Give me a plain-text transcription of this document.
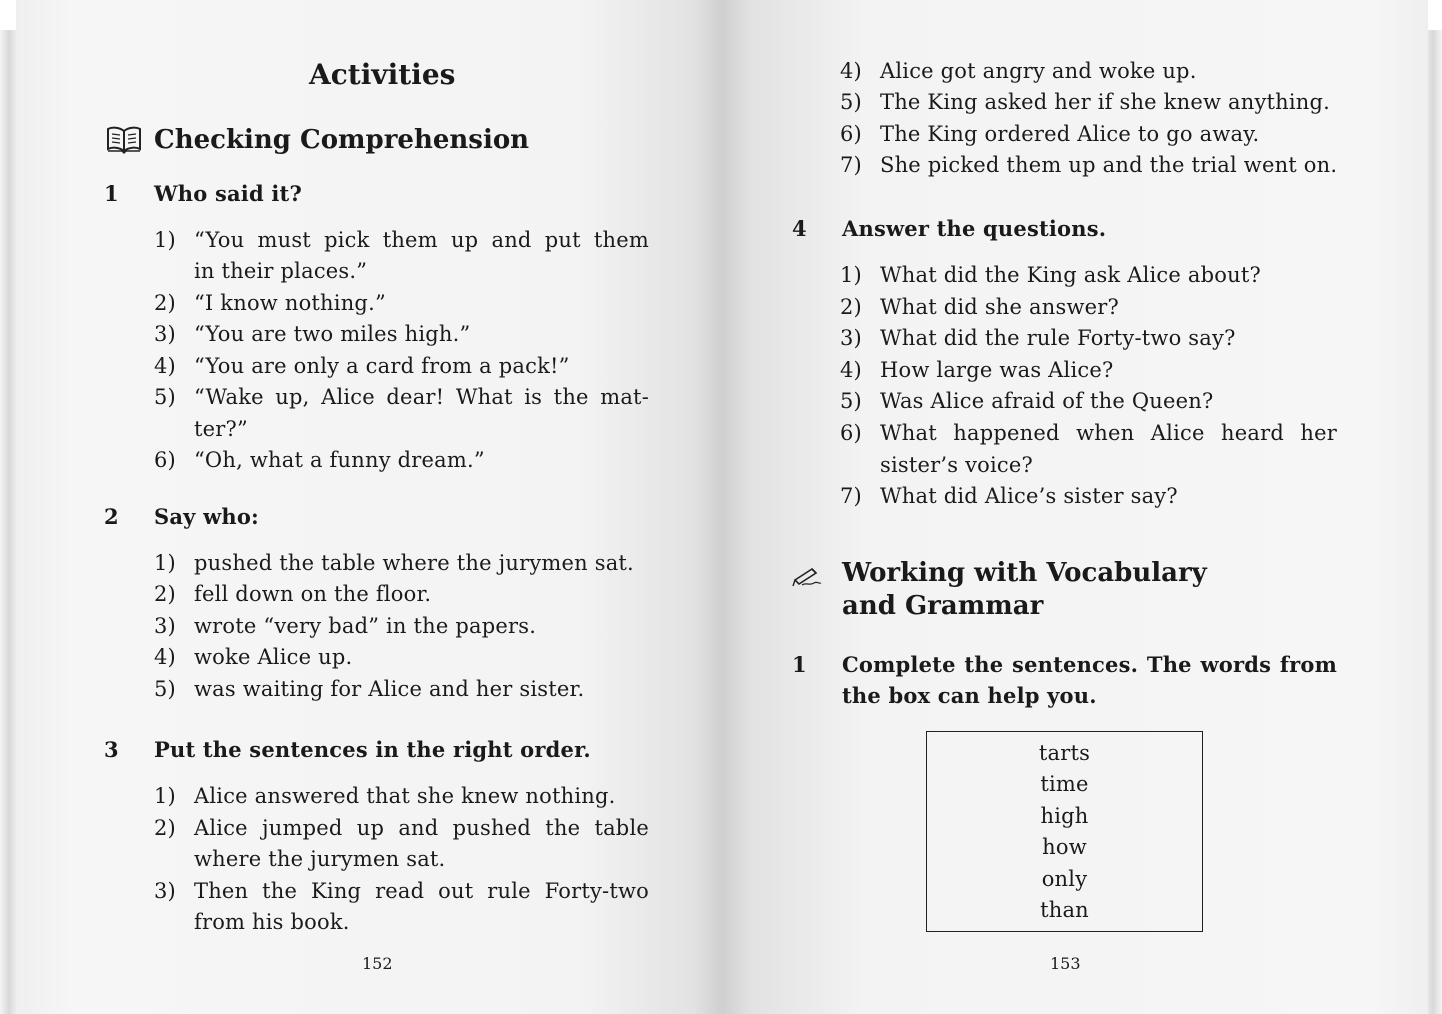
Activities
Checking Comprehension
1 Who said it?
1) “You must pick them up and put them
in their places.”
2) “I know nothing.”
3) “You are two miles high.”
4) “You are only a card from a pack!”
5) “Wake up, Alice dear! What is the mat-
ter?”
6) “Oh, what a funny dream.”
2 Say who:
1) pushed the table where the jurymen sat.
2) fell down on the floor.
3) wrote “very bad” in the papers.
4) woke Alice up.
5) was waiting for Alice and her sister.
3 Put the sentences in the right order.
1) Alice answered that she knew nothing.
2) Alice jumped up and pushed the table
where the jurymen sat.
3) Then the King read out rule Forty-two
from his book.
152
4) Alice got angry and woke up.
5) The King asked her if she knew anything.
6) The King ordered Alice to go away.
7) She picked them up and the trial went on.
4 Answer the questions.
1) What did the King ask Alice about?
2) What did she answer?
3) What did the rule Forty-two say?
4) How large was Alice?
5) Was Alice afraid of the Queen?
6) What happened when Alice heard her
sister’s voice?
7) What did Alice’s sister say?
Working with Vocabulary
and Grammar
1 Complete the sentences. The words from
the box can help you.
tarts
time
high
how
only
than
153
